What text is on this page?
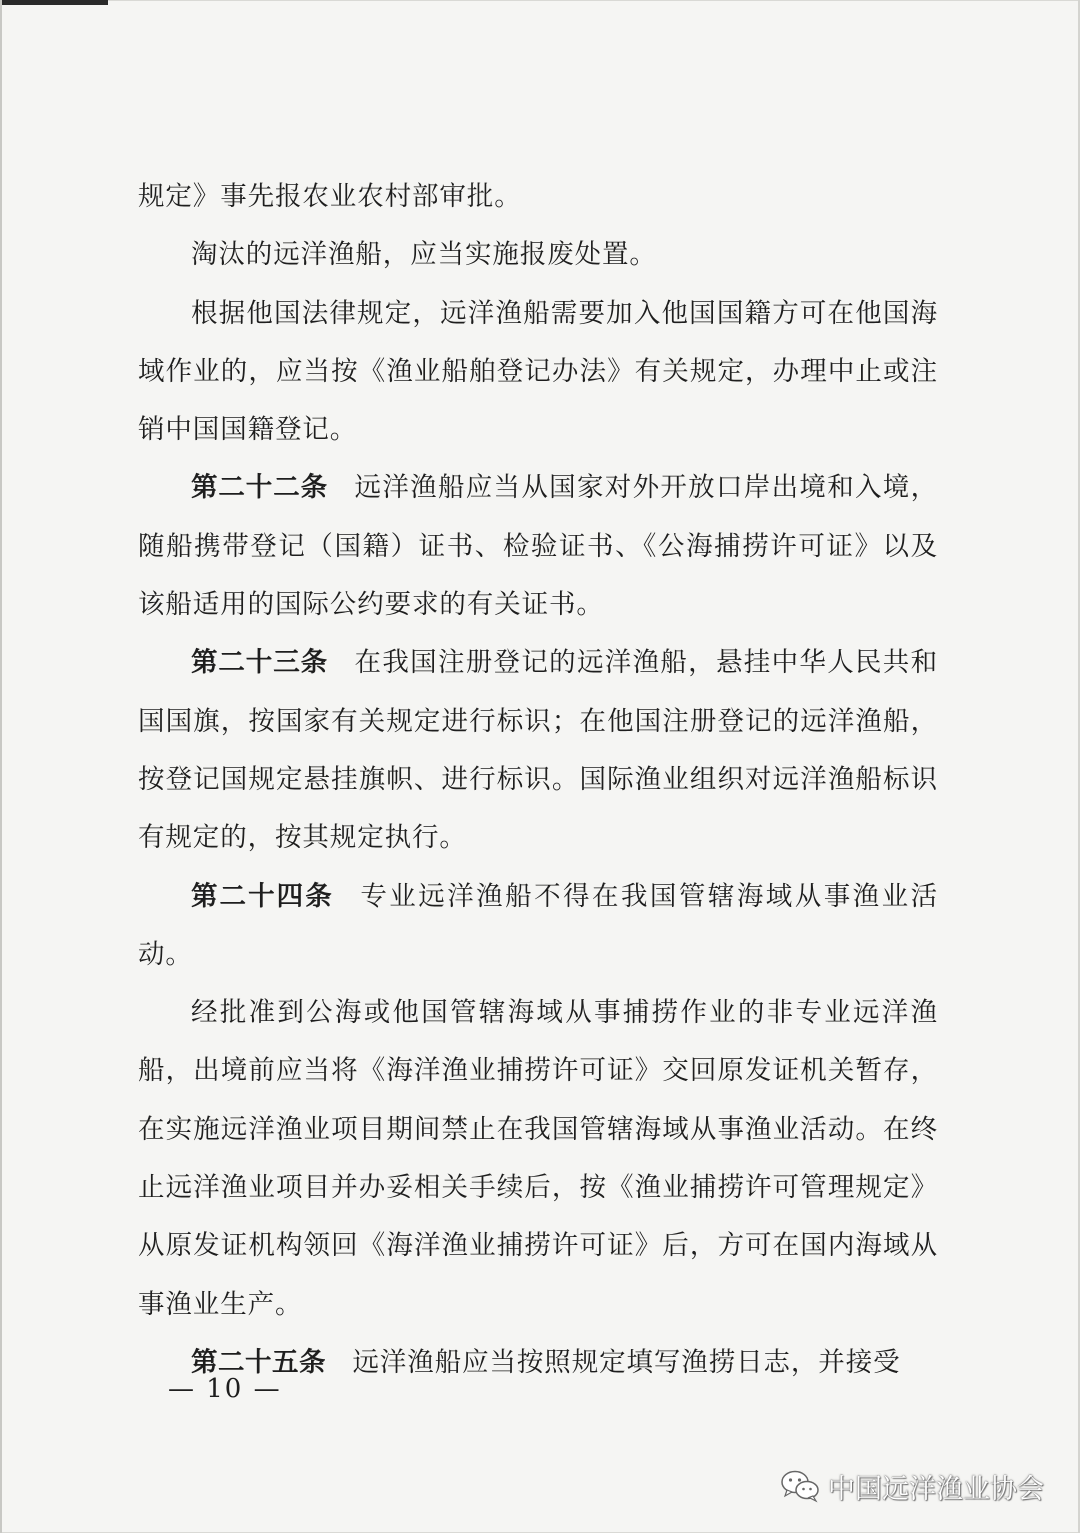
规定》事先报农业农村部审批。

淘汰的远洋渔船，应当实施报废处置。

根据他国法律规定，远洋渔船需要加入他国国籍方可在他国海域作业的，应当按《渔业船舶登记办法》有关规定，办理中止或注销中国国籍登记。

第二十二条 远洋渔船应当从国家对外开放口岸出境和入境，随船携带登记（国籍）证书、检验证书、《公海捕捞许可证》以及该船适用的国际公约要求的有关证书。

第二十三条 在我国注册登记的远洋渔船，悬挂中华人民共和国国旗，按国家有关规定进行标识；在他国注册登记的远洋渔船，按登记国规定悬挂旗帜、进行标识。国际渔业组织对远洋渔船标识有规定的，按其规定执行。

第二十四条 专业远洋渔船不得在我国管辖海域从事渔业活动。

经批准到公海或他国管辖海域从事捕捞作业的非专业远洋渔船，出境前应当将《海洋渔业捕捞许可证》交回原发证机关暂存，在实施远洋渔业项目期间禁止在我国管辖海域从事渔业活动。在终止远洋渔业项目并办妥相关手续后，按《渔业捕捞许可管理规定》从原发证机构领回《海洋渔业捕捞许可证》后，方可在国内海域从事渔业生产。

第二十五条 远洋渔船应当按照规定填写渔捞日志，并接受

— 10 —
中国远洋渔业协会
